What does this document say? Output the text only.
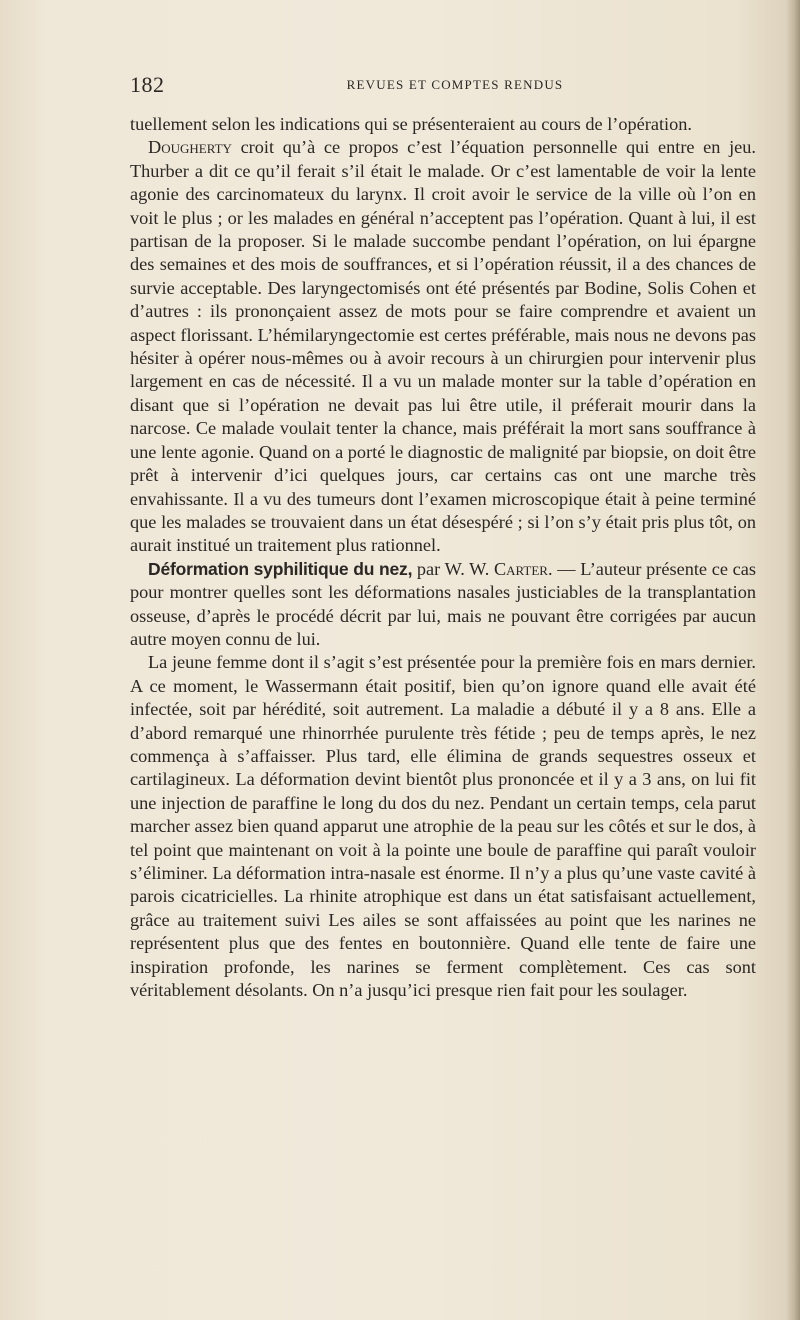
182	REVUES ET COMPTES RENDUS

tuellement selon les indications qui se présenteraient au cours de l’opération.

Dougherty croit qu’à ce propos c’est l’équation personnelle qui entre en jeu. Thurber a dit ce qu’il ferait s’il était le malade. Or c’est lamentable de voir la lente agonie des carcinomateux du larynx. Il croit avoir le service de la ville où l’on en voit le plus ; or les malades en général n’acceptent pas l’opération. Quant à lui, il est partisan de la proposer. Si le malade succombe pendant l’opération, on lui épargne des semaines et des mois de souffrances, et si l’opération réussit, il a des chances de survie acceptable. Des laryngectomisés ont été présentés par Bodine, Solis Cohen et d’autres : ils prononçaient assez de mots pour se faire comprendre et avaient un aspect florissant. L’hémilaryngectomie est certes préférable, mais nous ne devons pas hésiter à opérer nous-mêmes ou à avoir recours à un chirurgien pour intervenir plus largement en cas de nécessité. Il a vu un malade monter sur la table d’opération en disant que si l’opération ne devait pas lui être utile, il préferait mourir dans la narcose. Ce malade voulait tenter la chance, mais préférait la mort sans souffrance à une lente agonie. Quand on a porté le diagnostic de malignité par biopsie, on doit être prêt à intervenir d’ici quelques jours, car certains cas ont une marche très envahissante. Il a vu des tumeurs dont l’examen microscopique était à peine terminé que les malades se trouvaient dans un état désespéré ; si l’on s’y était pris plus tôt, on aurait institué un traitement plus rationnel.

Déformation syphilitique du nez, par W. W. Carter. — L’auteur présente ce cas pour montrer quelles sont les déformations nasales justiciables de la transplantation osseuse, d’après le procédé décrit par lui, mais ne pouvant être corrigées par aucun autre moyen connu de lui.

La jeune femme dont il s’agit s’est présentée pour la première fois en mars dernier. A ce moment, le Wassermann était positif, bien qu’on ignore quand elle avait été infectée, soit par hérédité, soit autrement. La maladie a débuté il y a 8 ans. Elle a d’abord remarqué une rhinorrhée purulente très fétide ; peu de temps après, le nez commença à s’affaisser. Plus tard, elle élimina de grands sequestres osseux et cartilagineux. La déformation devint bientôt plus prononcée et il y a 3 ans, on lui fit une injection de paraffine le long du dos du nez. Pendant un certain temps, cela parut marcher assez bien quand apparut une atrophie de la peau sur les côtés et sur le dos, à tel point que maintenant on voit à la pointe une boule de paraffine qui paraît vouloir s’éliminer. La déformation intra-nasale est énorme. Il n’y a plus qu’une vaste cavité à parois cicatricielles. La rhinite atrophique est dans un état satisfaisant actuellement, grâce au traitement suivi Les ailes se sont affaissées au point que les narines ne représentent plus que des fentes en boutonnière. Quand elle tente de faire une inspiration profonde, les narines se ferment complètement. Ces cas sont véritablement désolants. On n’a jusqu’ici presque rien fait pour les soulager.
